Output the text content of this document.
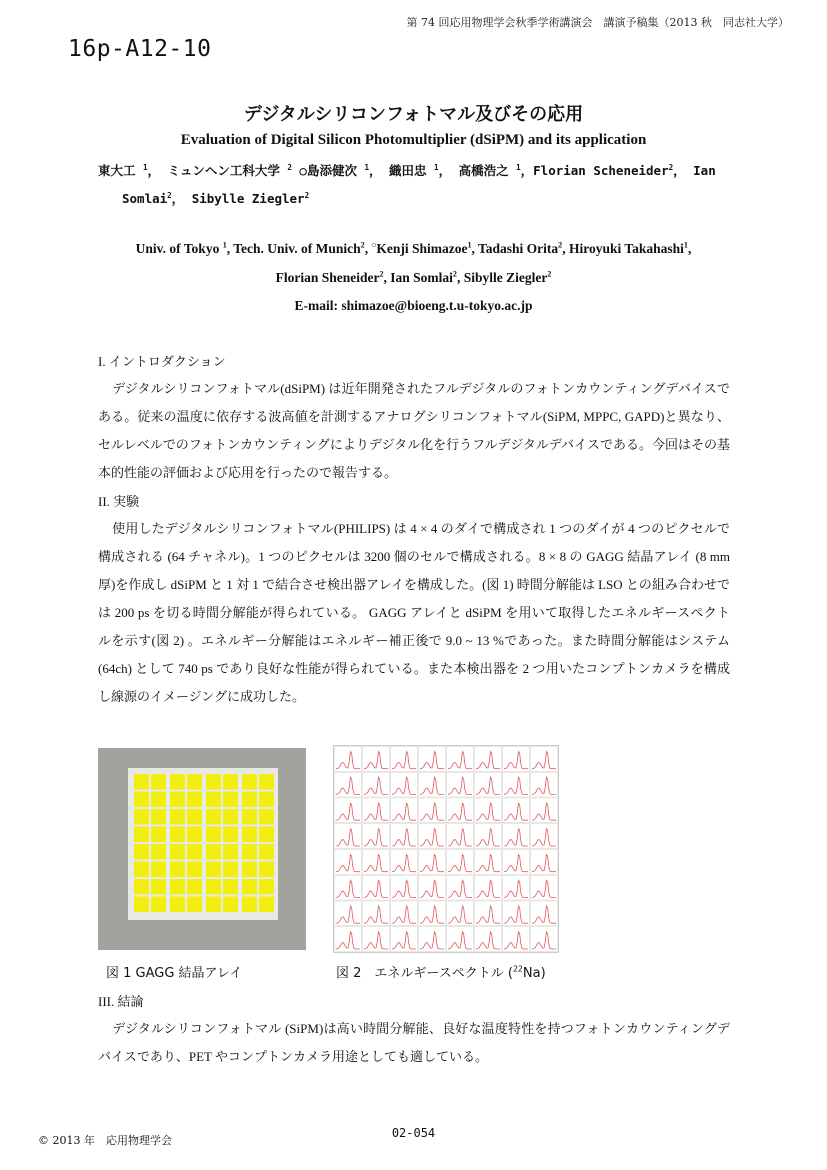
第 74 回応用物理学会秋季学術講演会　講演予稿集（2013 秋　同志社大学）
16p-A12-10
デジタルシリコンフォトマル及びその応用
Evaluation of Digital Silicon Photomultiplier (dSiPM) and its application
東大工 $^1$， ミュンヘン工科大学 $^2$ ○島添健次 $^1$， 織田忠 $^1$， 高橋浩之 $^1$，Florian Scheneider$^2$， Ian
Somlai$^2$， Sibylle Ziegler$^2$
Univ. of Tokyo $^1$, Tech. Univ. of Munich$^2$, ○Kenji Shimazoe$^1$, Tadashi Orita$^2$, Hiroyuki Takahashi$^1$,
Florian Sheneider$^2$, Ian Somlai$^2$, Sibylle Ziegler$^2$
E-mail: shimazoe@bioeng.t.u-tokyo.ac.jp
I. イントロダクション
デジタルシリコンフォトマル(dSiPM) は近年開発されたフルデジタルのフォトンカウンティングデバイスである。従来の温度に依存する波高値を計測するアナログシリコンフォトマル(SiPM, MPPC, GAPD)と異なり、セルレベルでのフォトンカウンティングによりデジタル化を行うフルデジタルデバイスである。今回はその基本的性能の評価および応用を行ったので報告する。
II. 実験
使用したデジタルシリコンフォトマル(PHILIPS) は 4 × 4 のダイで構成され 1 つのダイが 4 つのピクセルで構成される (64 チャネル)。1 つのピクセルは 3200 個のセルで構成される。8 × 8 の GAGG 結晶アレイ (8 mm 厚)を作成し dSiPM と 1 対 1 で結合させ検出器アレイを構成した。(図 1) 時間分解能は LSO との組み合わせでは 200 ps を切る時間分解能が得られている。 GAGG アレイと dSiPM を用いて取得したエネルギースペクトルを示す(図 2) 。エネルギー分解能はエネルギー補正後で 9.0 ~ 13 %であった。また時間分解能はシステム(64ch) として 740 ps であり良好な性能が得られている。また本検出器を 2 つ用いたコンプトンカメラを構成し線源のイメージングに成功した。
図 1 GAGG 結晶アレイ	図 2　エネルギースペクトル ($^{22}$Na)
III. 結論
デジタルシリコンフォトマル (SiPM)は高い時間分解能、良好な温度特性を持つフォトンカウンティングデバイスであり、PET やコンプトンカメラ用途としても適している。
© 2013 年　応用物理学会
02-054
